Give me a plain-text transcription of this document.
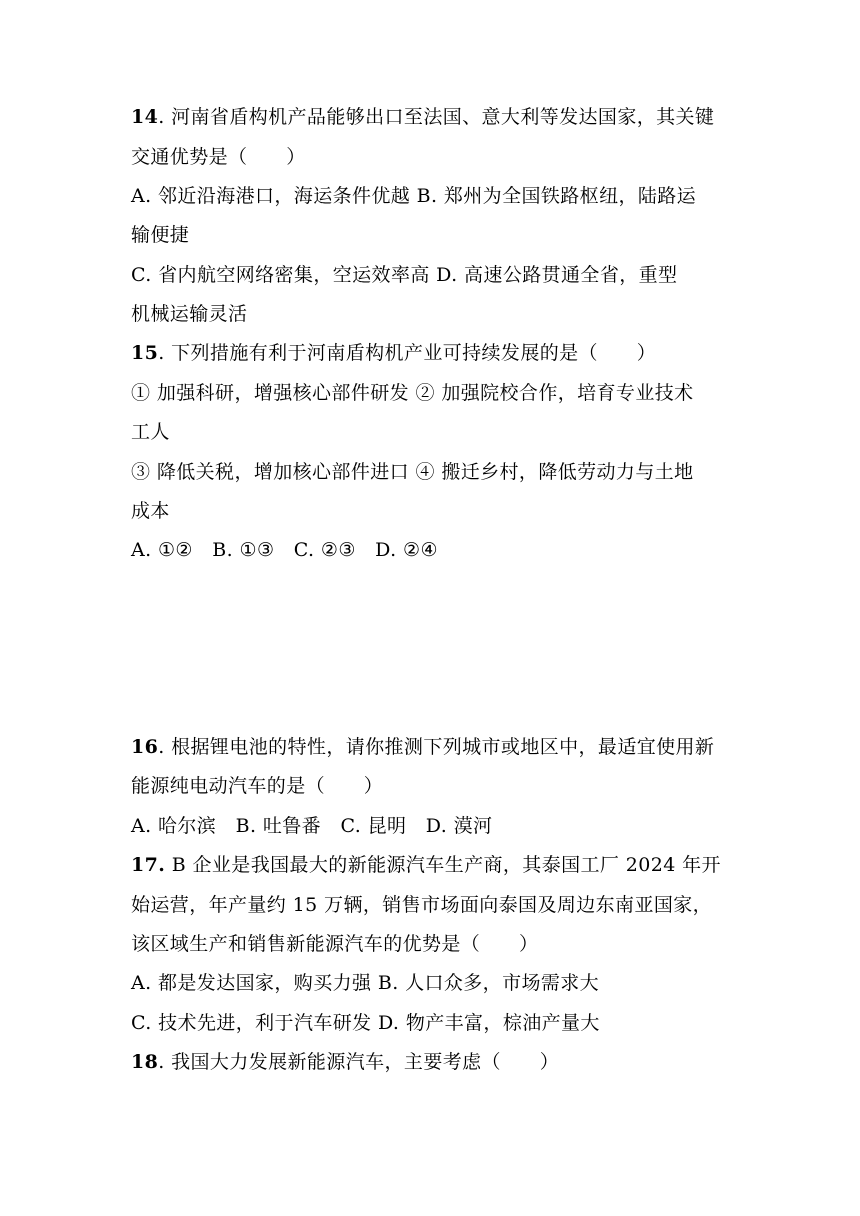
14. 河南省盾构机产品能够出口至法国、意大利等发达国家，其关键
交通优势是（　　）
A. 邻近沿海港口，海运条件优越 B. 郑州为全国铁路枢纽，陆路运
输便捷
C. 省内航空网络密集，空运效率高 D. 高速公路贯通全省，重型
机械运输灵活
15. 下列措施有利于河南盾构机产业可持续发展的是（　　）
① 加强科研，增强核心部件研发 ② 加强院校合作，培育专业技术
工人
③ 降低关税，增加核心部件进口 ④ 搬迁乡村，降低劳动力与土地
成本
A. ①②　B. ①③　C. ②③　D. ②④
16. 根据锂电池的特性，请你推测下列城市或地区中，最适宜使用新
能源纯电动汽车的是（　　）
A. 哈尔滨　B. 吐鲁番　C. 昆明　D. 漠河
17. B 企业是我国最大的新能源汽车生产商，其泰国工厂 2024 年开
始运营，年产量约 15 万辆，销售市场面向泰国及周边东南亚国家，
该区域生产和销售新能源汽车的优势是（　　）
A. 都是发达国家，购买力强 B. 人口众多，市场需求大
C. 技术先进，利于汽车研发 D. 物产丰富，棕油产量大
18. 我国大力发展新能源汽车，主要考虑（　　）
